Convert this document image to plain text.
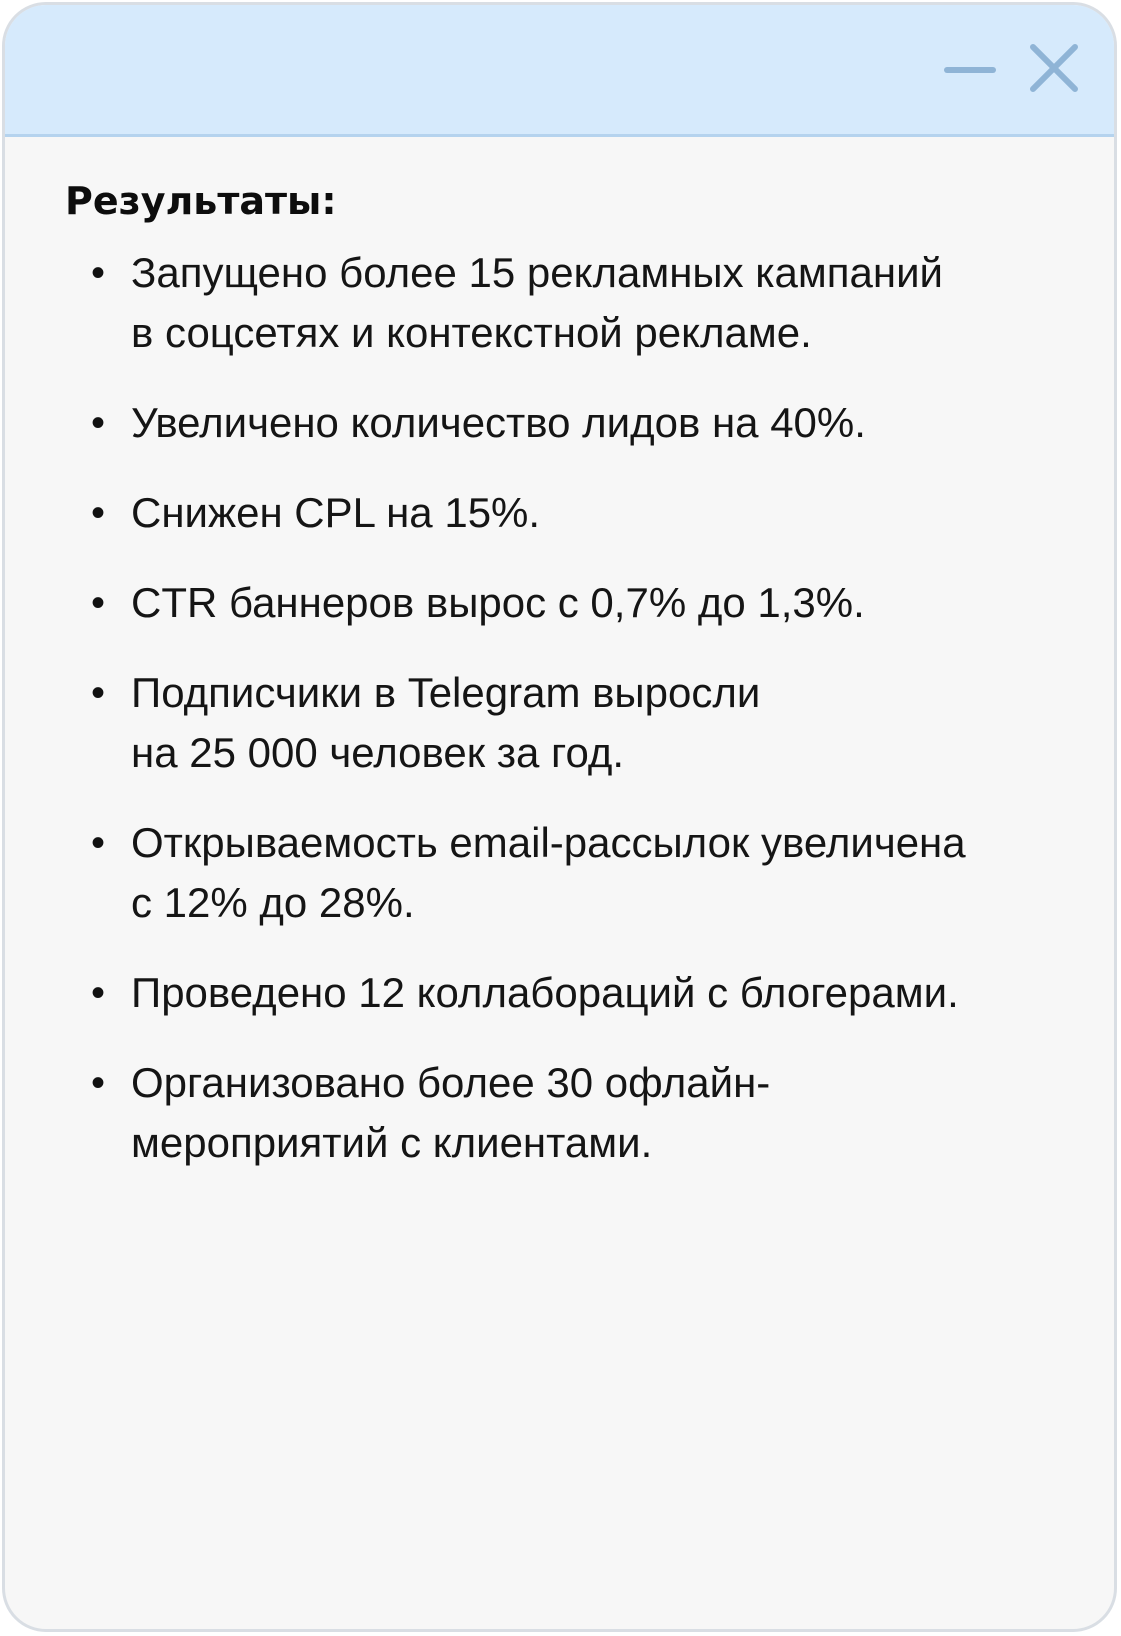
Результаты:
• Запущено более 15 рекламных кампаний
в соцсетях и контекстной рекламе.
• Увеличено количество лидов на 40%.
• Снижен CPL на 15%.
• CTR баннеров вырос с 0,7% до 1,3%.
• Подписчики в Telegram выросли
на 25 000 человек за год.
• Открываемость email-рассылок увеличена
с 12% до 28%.
• Проведено 12 коллабораций с блогерами.
• Организовано более 30 офлайн-
мероприятий с клиентами.
